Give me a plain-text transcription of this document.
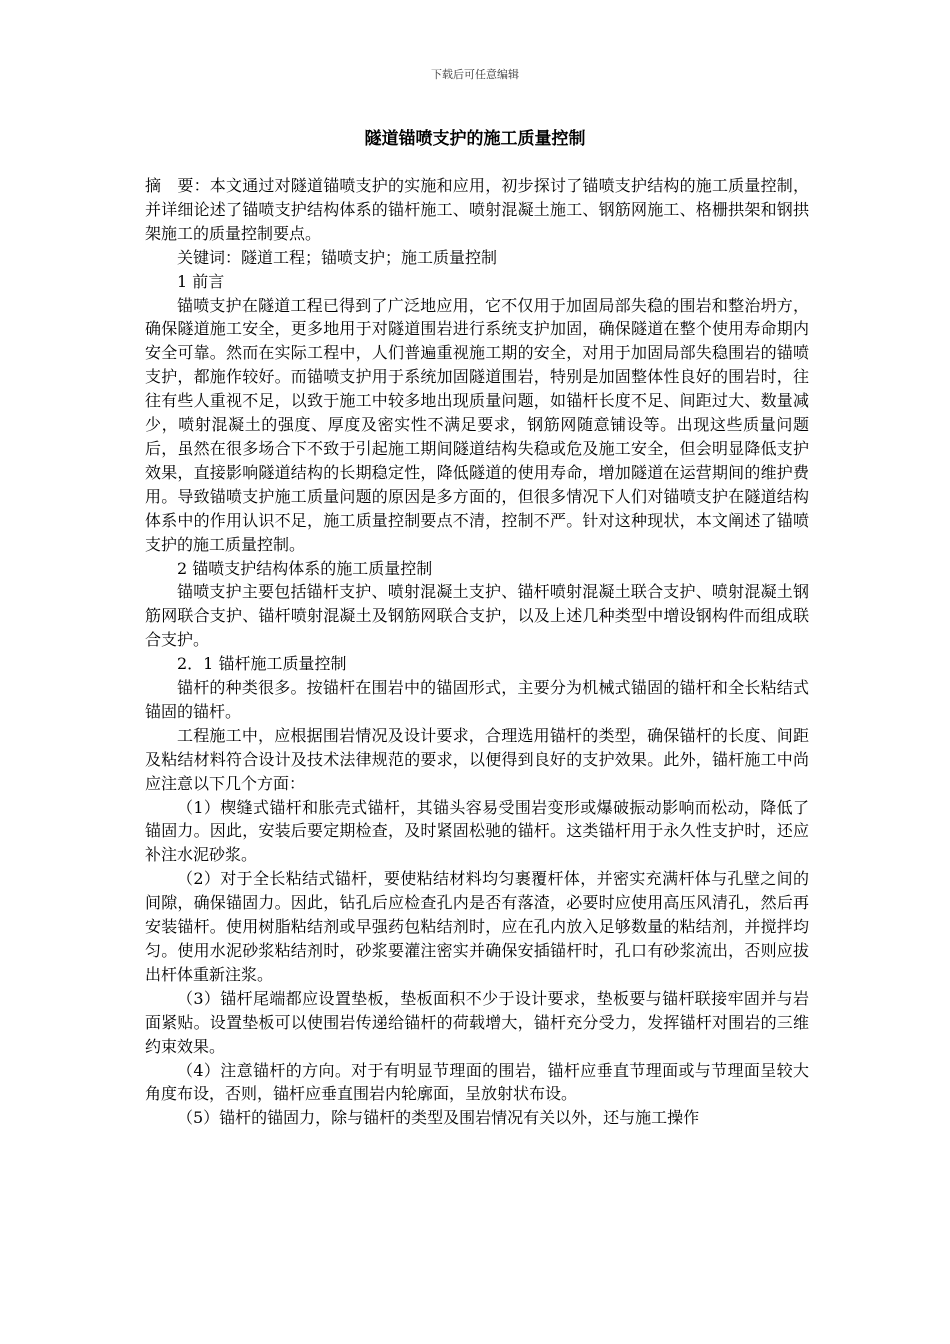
下载后可任意编辑
隧道锚喷支护的施工质量控制

摘　要：本文通过对隧道锚喷支护的实施和应用，初步探讨了锚喷支护结构的施工质量控制，并详细论述了锚喷支护结构体系的锚杆施工、喷射混凝土施工、钢筋网施工、格栅拱架和钢拱架施工的质量控制要点。

关键词：隧道工程；锚喷支护；施工质量控制

1 前言

锚喷支护在隧道工程已得到了广泛地应用，它不仅用于加固局部失稳的围岩和整治坍方，确保隧道施工安全，更多地用于对隧道围岩进行系统支护加固，确保隧道在整个使用寿命期内安全可靠。然而在实际工程中，人们普遍重视施工期的安全，对用于加固局部失稳围岩的锚喷支护，都施作较好。而锚喷支护用于系统加固隧道围岩，特别是加固整体性良好的围岩时，往往有些人重视不足，以致于施工中较多地出现质量问题，如锚杆长度不足、间距过大、数量减少，喷射混凝土的强度、厚度及密实性不满足要求，钢筋网随意铺设等。出现这些质量问题后，虽然在很多场合下不致于引起施工期间隧道结构失稳或危及施工安全，但会明显降低支护效果，直接影响隧道结构的长期稳定性，降低隧道的使用寿命，增加隧道在运营期间的维护费用。导致锚喷支护施工质量问题的原因是多方面的，但很多情况下人们对锚喷支护在隧道结构体系中的作用认识不足，施工质量控制要点不清，控制不严。针对这种现状，本文阐述了锚喷支护的施工质量控制。

2 锚喷支护结构体系的施工质量控制

锚喷支护主要包括锚杆支护、喷射混凝土支护、锚杆喷射混凝土联合支护、喷射混凝土钢筋网联合支护、锚杆喷射混凝土及钢筋网联合支护，以及上述几种类型中增设钢构件而组成联合支护。

2．1 锚杆施工质量控制

锚杆的种类很多。按锚杆在围岩中的锚固形式，主要分为机械式锚固的锚杆和全长粘结式锚固的锚杆。

工程施工中，应根据围岩情况及设计要求，合理选用锚杆的类型，确保锚杆的长度、间距及粘结材料符合设计及技术法律规范的要求，以便得到良好的支护效果。此外，锚杆施工中尚应注意以下几个方面：

（1）楔缝式锚杆和胀壳式锚杆，其锚头容易受围岩变形或爆破振动影响而松动，降低了锚固力。因此，安装后要定期检查，及时紧固松驰的锚杆。这类锚杆用于永久性支护时，还应补注水泥砂浆。

（2）对于全长粘结式锚杆，要使粘结材料均匀裹覆杆体，并密实充满杆体与孔壁之间的间隙，确保锚固力。因此，钻孔后应检查孔内是否有落渣，必要时应使用高压风清孔，然后再安装锚杆。使用树脂粘结剂或早强药包粘结剂时，应在孔内放入足够数量的粘结剂，并搅拌均匀。使用水泥砂浆粘结剂时，砂浆要灌注密实并确保安插锚杆时，孔口有砂浆流出，否则应拔出杆体重新注浆。

（3）锚杆尾端都应设置垫板，垫板面积不少于设计要求，垫板要与锚杆联接牢固并与岩面紧贴。设置垫板可以使围岩传递给锚杆的荷载增大，锚杆充分受力，发挥锚杆对围岩的三维约束效果。

（4）注意锚杆的方向。对于有明显节理面的围岩，锚杆应垂直节理面或与节理面呈较大角度布设，否则，锚杆应垂直围岩内轮廓面，呈放射状布设。

（5）锚杆的锚固力，除与锚杆的类型及围岩情况有关以外，还与施工操作
